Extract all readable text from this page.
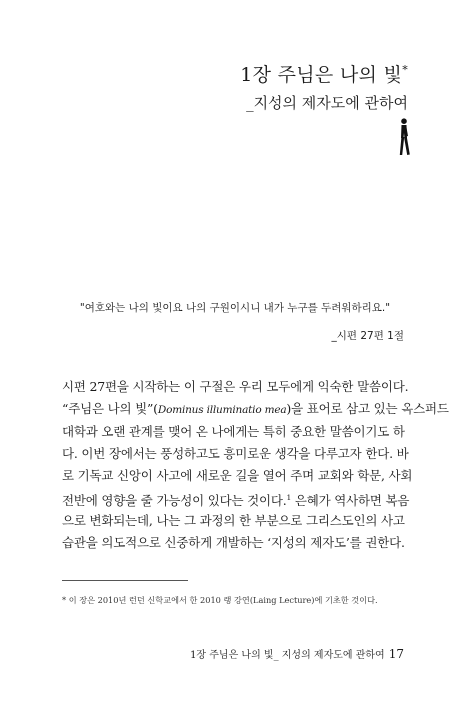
1장 주님은 나의 빛*
_지성의 제자도에 관하여
"여호와는 나의 빛이요 나의 구원이시니 내가 누구를 두려워하리요."
_시편 27편 1절
시편 27편을 시작하는 이 구절은 우리 모두에게 익숙한 말씀이다.
“주님은 나의 빛”(Dominus illuminatio mea)을 표어로 삼고 있는 옥스퍼드
대학과 오랜 관계를 맺어 온 나에게는 특히 중요한 말씀이기도 하
다. 이번 장에서는 풍성하고도 흥미로운 생각을 다루고자 한다. 바
로 기독교 신앙이 사고에 새로운 길을 열어 주며 교회와 학문, 사회
전반에 영향을 줄 가능성이 있다는 것이다.$^1$ 은혜가 역사하면 복음
으로 변화되는데, 나는 그 과정의 한 부분으로 그리스도인의 사고
습관을 의도적으로 신중하게 개발하는 ‘지성의 제자도’를 권한다.
* 이 장은 2010년 런던 신학교에서 한 2010 랭 강연(Laing Lecture)에 기초한 것이다.
1장 주님은 나의 빛_ 지성의 제자도에 관하여 17
